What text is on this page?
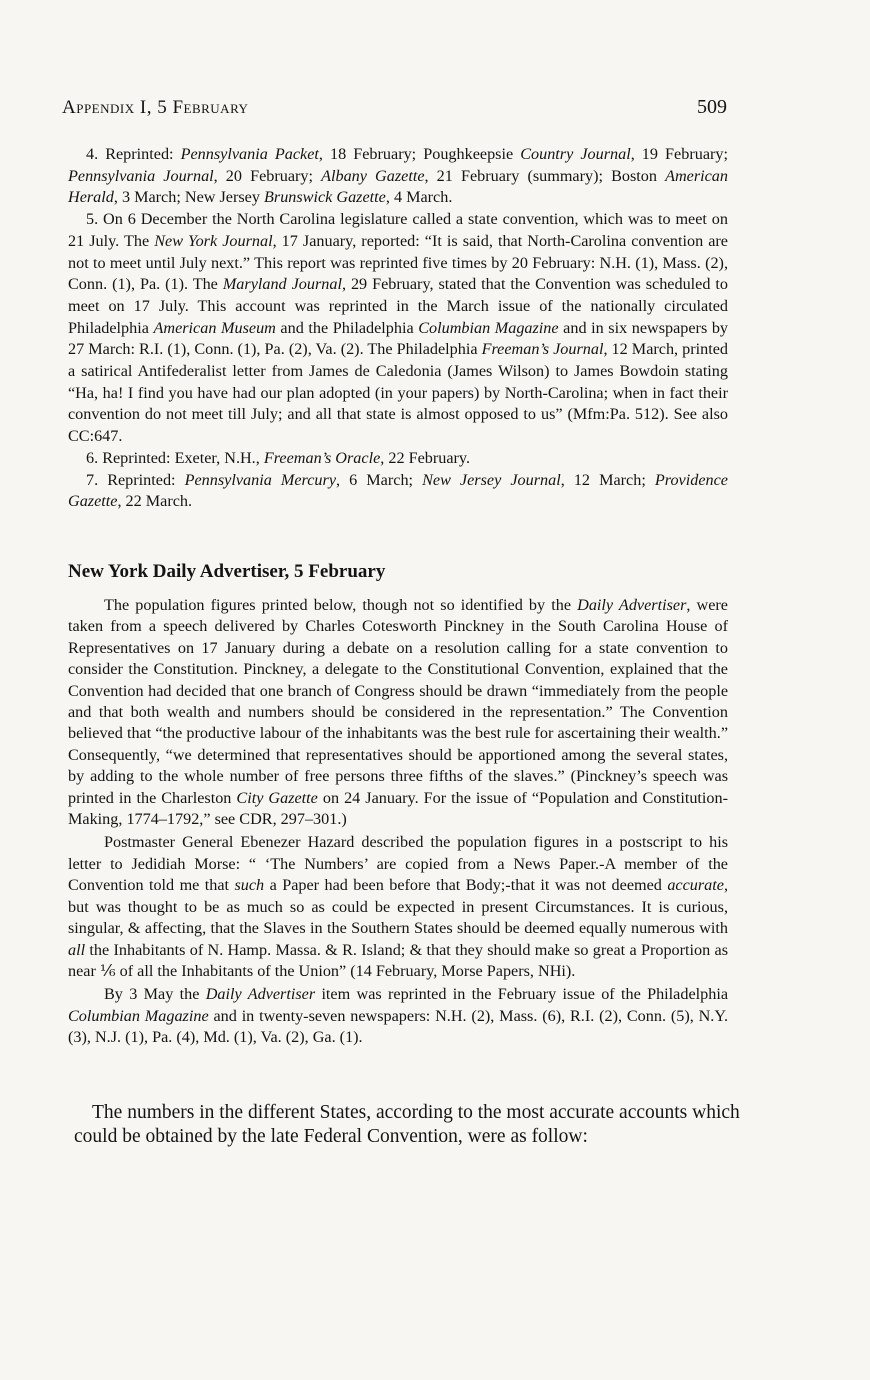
Appendix I, 5 February	509

4. Reprinted: Pennsylvania Packet, 18 February; Poughkeepsie Country Journal, 19 February; Pennsylvania Journal, 20 February; Albany Gazette, 21 February (summary); Boston American Herald, 3 March; New Jersey Brunswick Gazette, 4 March.

5. On 6 December the North Carolina legislature called a state convention, which was to meet on 21 July. The New York Journal, 17 January, reported: “It is said, that North-Carolina convention are not to meet until July next.” This report was reprinted five times by 20 February: N.H. (1), Mass. (2), Conn. (1), Pa. (1). The Maryland Journal, 29 February, stated that the Convention was scheduled to meet on 17 July. This account was reprinted in the March issue of the nationally circulated Philadelphia American Museum and the Philadelphia Columbian Magazine and in six newspapers by 27 March: R.I. (1), Conn. (1), Pa. (2), Va. (2). The Philadelphia Freeman’s Journal, 12 March, printed a satirical Antifederalist letter from James de Caledonia (James Wilson) to James Bowdoin stating “Ha, ha! I find you have had our plan adopted (in your papers) by North-Carolina; when in fact their convention do not meet till July; and all that state is almost opposed to us” (Mfm:Pa. 512). See also CC:647.

6. Reprinted: Exeter, N.H., Freeman’s Oracle, 22 February.

7. Reprinted: Pennsylvania Mercury, 6 March; New Jersey Journal, 12 March; Providence Gazette, 22 March.

New York Daily Advertiser, 5 February

The population figures printed below, though not so identified by the Daily Advertiser, were taken from a speech delivered by Charles Cotesworth Pinckney in the South Carolina House of Representatives on 17 January during a debate on a resolution calling for a state convention to consider the Constitution. Pinckney, a delegate to the Constitutional Convention, explained that the Convention had decided that one branch of Congress should be drawn “immediately from the people and that both wealth and numbers should be considered in the representation.” The Convention believed that “the productive labour of the inhabitants was the best rule for ascertaining their wealth.” Consequently, “we determined that representatives should be apportioned among the several states, by adding to the whole number of free persons three fifths of the slaves.” (Pinckney’s speech was printed in the Charleston City Gazette on 24 January. For the issue of “Population and Constitution-Making, 1774–1792,” see CDR, 297–301.)

Postmaster General Ebenezer Hazard described the population figures in a postscript to his letter to Jedidiah Morse: “ ‘The Numbers’ are copied from a News Paper.-A member of the Convention told me that such a Paper had been before that Body;-that it was not deemed accurate, but was thought to be as much so as could be expected in present Circumstances. It is curious, singular, & affecting, that the Slaves in the Southern States should be deemed equally numerous with all the Inhabitants of N. Hamp. Massa. & R. Island; & that they should make so great a Proportion as near ⅙ of all the Inhabitants of the Union” (14 February, Morse Papers, NHi).

By 3 May the Daily Advertiser item was reprinted in the February issue of the Philadelphia Columbian Magazine and in twenty-seven newspapers: N.H. (2), Mass. (6), R.I. (2), Conn. (5), N.Y. (3), N.J. (1), Pa. (4), Md. (1), Va. (2), Ga. (1).

The numbers in the different States, according to the most accurate accounts which could be obtained by the late Federal Convention, were as follow:
